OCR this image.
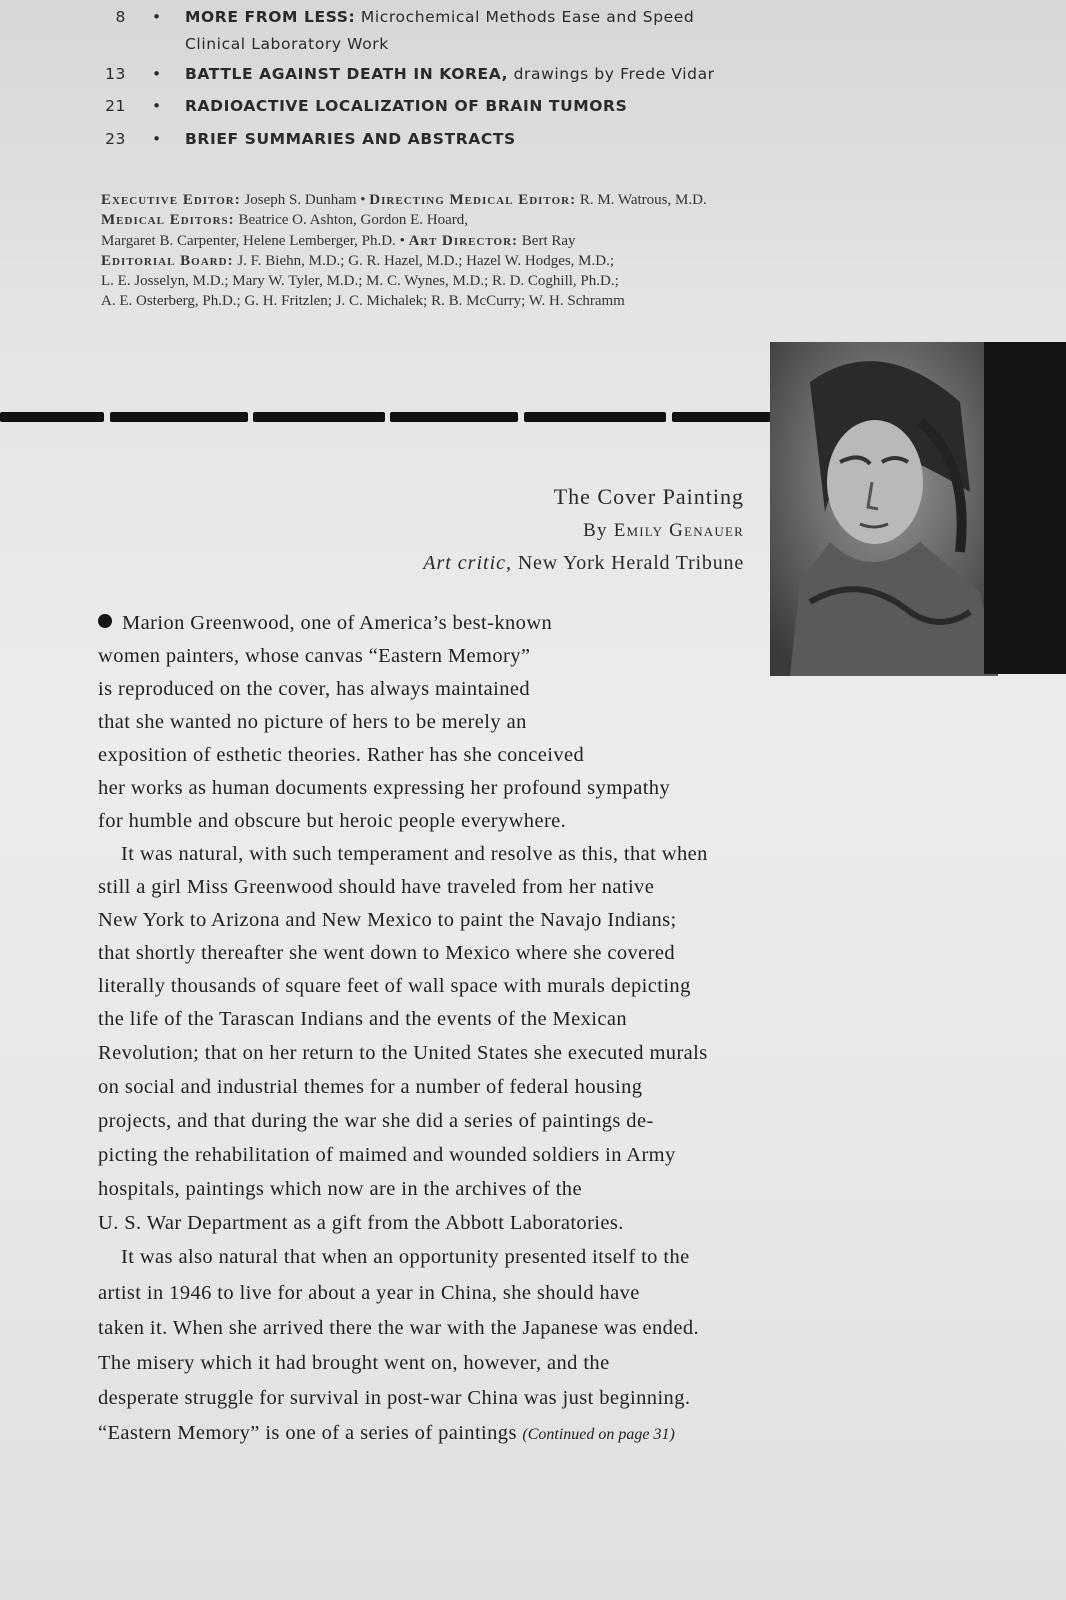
8 • MORE FROM LESS: Microchemical Methods Ease and Speed
Clinical Laboratory Work
13 • BATTLE AGAINST DEATH IN KOREA, drawings by Frede Vidar
21 • RADIOACTIVE LOCALIZATION OF BRAIN TUMORS
23 • BRIEF SUMMARIES AND ABSTRACTS
Executive Editor: Joseph S. Dunham • Directing Medical Editor: R. M. Watrous, M.D.
Medical Editors: Beatrice O. Ashton, Gordon E. Hoard,
Margaret B. Carpenter, Helene Lemberger, Ph.D. • Art Director: Bert Ray
Editorial Board: J. F. Biehn, M.D.; G. R. Hazel, M.D.; Hazel W. Hodges, M.D.;
L. E. Josselyn, M.D.; Mary W. Tyler, M.D.; M. C. Wynes, M.D.; R. D. Coghill, Ph.D.;
A. E. Osterberg, Ph.D.; G. H. Fritzlen; J. C. Michalek; R. B. McCurry; W. H. Schramm
The Cover Painting
By Emily Genauer
Art critic, New York Herald Tribune
Marion Greenwood, one of America’s best-known
women painters, whose canvas “Eastern Memory”
is reproduced on the cover, has always maintained
that she wanted no picture of hers to be merely an
exposition of esthetic theories. Rather has she conceived
her works as human documents expressing her profound sympathy
for humble and obscure but heroic people everywhere.
It was natural, with such temperament and resolve as this, that when
still a girl Miss Greenwood should have traveled from her native
New York to Arizona and New Mexico to paint the Navajo Indians;
that shortly thereafter she went down to Mexico where she covered
literally thousands of square feet of wall space with murals depicting
the life of the Tarascan Indians and the events of the Mexican
Revolution; that on her return to the United States she executed murals
on social and industrial themes for a number of federal housing
projects, and that during the war she did a series of paintings de-
picting the rehabilitation of maimed and wounded soldiers in Army
hospitals, paintings which now are in the archives of the
U. S. War Department as a gift from the Abbott Laboratories.
It was also natural that when an opportunity presented itself to the
artist in 1946 to live for about a year in China, she should have
taken it. When she arrived there the war with the Japanese was ended.
The misery which it had brought went on, however, and the
desperate struggle for survival in post-war China was just beginning.
“Eastern Memory” is one of a series of paintings (Continued on page 31)
